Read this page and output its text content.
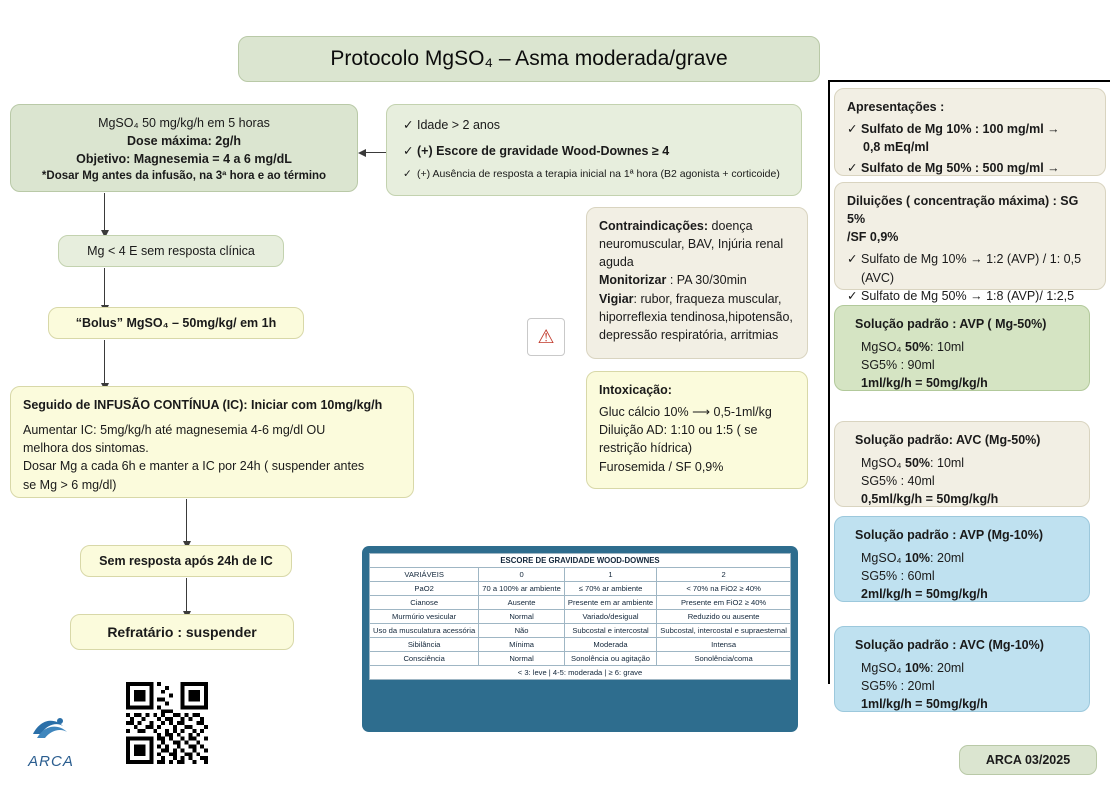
Protocolo MgSO₄ – Asma moderada/grave
MgSO₄ 50 mg/kg/h em 5 horas
Dose máxima: 2g/h
Objetivo: Magnesemia = 4 a 6 mg/dL
*Dosar Mg antes da infusão, na 3ª hora e ao término
✓ Idade > 2 anos
✓ (+) Escore de gravidade Wood-Downes ≥ 4
✓ (+) Ausência de resposta a terapia inicial na 1ª hora (B2 agonista + corticoide)
Mg < 4 E sem resposta clínica
“Bolus” MgSO₄ – 50mg/kg/ em 1h
Seguido de INFUSÃO CONTÍNUA (IC): Iniciar com 10mg/kg/h
Aumentar IC: 5mg/kg/h até magnesemia 4-6 mg/dl OU
melhora dos sintomas.
Dosar Mg a cada 6h e manter a IC por 24h ( suspender antes
se Mg > 6 mg/dl)
Sem resposta após 24h de IC
Refratário : suspender
⚠
Contraindicações: doença
neuromuscular, BAV, Injúria renal
aguda
Monitorizar : PA 30/30min
Vigiar: rubor, fraqueza muscular,
hiporreflexia tendinosa,hipotensão,
depressão respiratória, arritmias
Intoxicação:
Gluc cálcio 10% ⟶ 0,5-1ml/kg
Diluição AD: 1:10 ou 1:5 ( se
restrição hídrica)
Furosemida / SF 0,9%
Apresentações :
✓ Sulfato de Mg 10% : 100 mg/ml →
0,8 mEq/ml
✓ Sulfato de Mg 50% : 500 mg/ml →
Diluições ( concentração máxima) : SG 5%
/SF 0,9%
✓ Sulfato de Mg 10% → 1:2 (AVP) / 1: 0,5
(AVC)
✓ Sulfato de Mg 50% → 1:8 (AVP)/ 1:2,5
Solução padrão : AVP ( Mg-50%)
MgSO₄ 50%: 10ml
SG5% : 90ml
1ml/kg/h = 50mg/kg/h
Solução padrão: AVC (Mg-50%)
MgSO₄ 50%: 10ml
SG5% : 40ml
0,5ml/kg/h = 50mg/kg/h
Solução padrão : AVP (Mg-10%)
MgSO₄ 10%: 20ml
SG5% : 60ml
2ml/kg/h = 50mg/kg/h
Solução padrão : AVC (Mg-10%)
MgSO₄ 10%: 20ml
SG5% : 20ml
1ml/kg/h = 50mg/kg/h
ESCORE DE GRAVIDADE WOOD-DOWNES			
VARIÁVEIS	0	1	2
PaO2	70 a 100% ar ambiente	≤ 70% ar ambiente	< 70% na FiO2 ≥ 40%
Cianose	Ausente	Presente em ar ambiente	Presente em FiO2 ≥ 40%
Murmúrio vesicular	Normal	Variado/desigual	Reduzido ou ausente
Uso da musculatura acessória	Não	Subcostal e intercostal	Subcostal, intercostal e supraesternal
Sibilância	Mínima	Moderada	Intensa
Consciência	Normal	Sonolência ou agitação	Sonolência/coma
< 3: leve | 4-5: moderada | ≥ 6: grave			
ARCA	ARCA 03/2025
